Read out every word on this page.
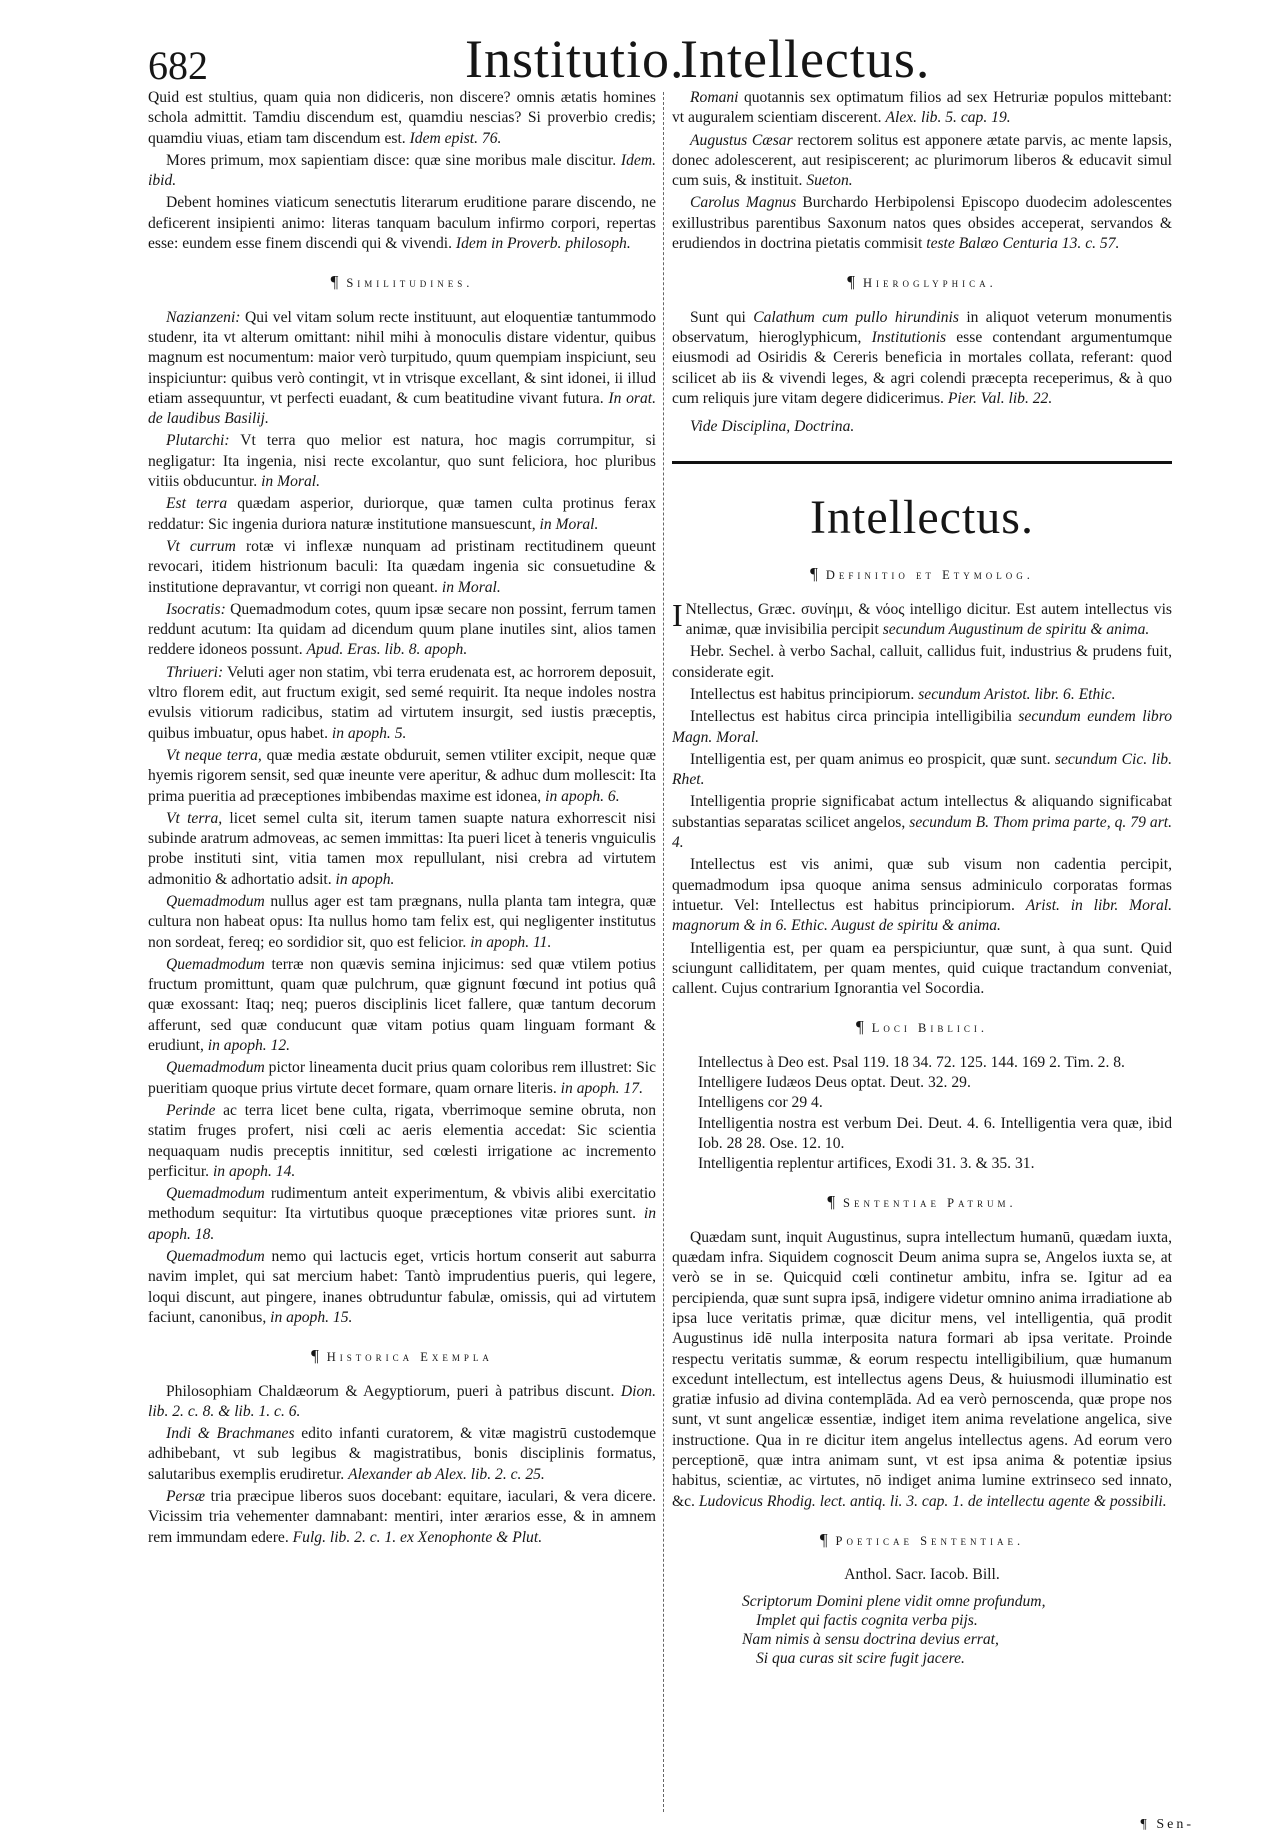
682	Institutio.
Intellectus.

Quid est stultius, quam quia non didiceris, non discere? omnis ætatis homines schola admittit. Tamdiu discendum est, quamdiu nescias? Si proverbio credis; quamdiu viuas, etiam tam discendum est. Idem epist. 76.

Mores primum, mox sapientiam disce: quæ sine moribus male discitur. Idem. ibid.

Debent homines viaticum senectutis literarum eruditione parare discendo, ne deficerent insipienti animo: literas tanquam baculum infirmo corpori, repertas esse: eundem esse finem discendi qui & vivendi. Idem in Proverb. philosoph.

¶ Similitudines.

Nazianzeni: Qui vel vitam solum recte instituunt, aut eloquentiæ tantummodo studenr, ita vt alterum omittant: nihil mihi à monoculis distare videntur, quibus magnum est nocumentum: maior verò turpitudo, quum quempiam inspiciunt, seu inspiciuntur: quibus verò contingit, vt in vtrisque excellant, & sint idonei, ii illud etiam assequuntur, vt perfecti euadant, & cum beatitudine vivant futura. In orat. de laudibus Basilij.

Plutarchi: Vt terra quo melior est natura, hoc magis corrumpitur, si negligatur: Ita ingenia, nisi recte excolantur, quo sunt feliciora, hoc pluribus vitiis obducuntur. in Moral.

Est terra quædam asperior, duriorque, quæ tamen culta protinus ferax reddatur: Sic ingenia duriora naturæ institutione mansuescunt, in Moral.

Vt currum rotæ vi inflexæ nunquam ad pristinam rectitudinem queunt revocari, itidem histrionum baculi: Ita quædam ingenia sic consuetudine & institutione depravantur, vt corrigi non queant. in Moral.

Isocratis: Quemadmodum cotes, quum ipsæ secare non possint, ferrum tamen reddunt acutum: Ita quidam ad dicendum quum plane inutiles sint, alios tamen reddere idoneos possunt. Apud. Eras. lib. 8. apoph.

Thriueri: Veluti ager non statim, vbi terra erudenata est, ac horrorem deposuit, vltro florem edit, aut fructum exigit, sed semé requirit. Ita neque indoles nostra evulsis vitiorum radicibus, statim ad virtutem insurgit, sed iustis præceptis, quibus imbuatur, opus habet. in apoph. 5.

Vt neque terra, quæ media æstate obduruit, semen vtiliter excipit, neque quæ hyemis rigorem sensit, sed quæ ineunte vere aperitur, & adhuc dum mollescit: Ita prima pueritia ad præceptiones imbibendas maxime est idonea, in apoph. 6.

Vt terra, licet semel culta sit, iterum tamen suapte natura exhorrescit nisi subinde aratrum admoveas, ac semen immittas: Ita pueri licet à teneris vnguiculis probe instituti sint, vitia tamen mox repullulant, nisi crebra ad virtutem admonitio & adhortatio adsit. in apoph.

Quemadmodum nullus ager est tam prægnans, nulla planta tam integra, quæ cultura non habeat opus: Ita nullus homo tam felix est, qui negligenter institutus non sordeat, fereq; eo sordidior sit, quo est felicior. in apoph. 11.

Quemadmodum terræ non quævis semina injicimus: sed quæ vtilem potius fructum promittunt, quam quæ pulchrum, quæ gignunt fœcund int potius quâ quæ exossant: Itaq; neq; pueros disciplinis licet fallere, quæ tantum decorum afferunt, sed quæ conducunt quæ vitam potius quam linguam formant & erudiunt, in apoph. 12.

Quemadmodum pictor lineamenta ducit prius quam coloribus rem illustret: Sic pueritiam quoque prius virtute decet formare, quam ornare literis. in apoph. 17.

Perinde ac terra licet bene culta, rigata, vberrimoque semine obruta, non statim fruges profert, nisi cœli ac aeris elementia accedat: Sic scientia nequaquam nudis preceptis innititur, sed cœlesti irrigatione ac incremento perficitur. in apoph. 14.

Quemadmodum rudimentum anteit experimentum, & vbivis alibi exercitatio methodum sequitur: Ita virtutibus quoque præceptiones vitæ priores sunt. in apoph. 18.

Quemadmodum nemo qui lactucis eget, vrticis hortum conserit aut saburra navim implet, qui sat mercium habet: Tantò imprudentius pueris, qui legere, loqui discunt, aut pingere, inanes obtruduntur fabulæ, omissis, qui ad virtutem faciunt, canonibus, in apoph. 15.

¶ Historica Exempla

Philosophiam Chaldæorum & Aegyptiorum, pueri à patribus discunt. Dion. lib. 2. c. 8. & lib. 1. c. 6.

Indi & Brachmanes edito infanti curatorem, & vitæ magistrū custodemque adhibebant, vt sub legibus & magistratibus, bonis disciplinis formatus, salutaribus exemplis erudiretur. Alexander ab Alex. lib. 2. c. 25.

Persæ tria præcipue liberos suos docebant: equitare, iaculari, & vera dicere. Vicissim tria vehementer damnabant: mentiri, inter ærarios esse, & in amnem rem immundam edere. Fulg. lib. 2. c. 1. ex Xenophonte & Plut.

Romani quotannis sex optimatum filios ad sex Hetruriæ populos mittebant: vt auguralem scientiam discerent. Alex. lib. 5. cap. 19.

Augustus Cæsar rectorem solitus est apponere ætate parvis, ac mente lapsis, donec adolescerent, aut resipiscerent; ac plurimorum liberos & educavit simul cum suis, & instituit. Sueton.

Carolus Magnus Burchardo Herbipolensi Episcopo duodecim adolescentes exillustribus parentibus Saxonum natos ques obsides acceperat, servandos & erudiendos in doctrina pietatis commisit teste Balæo Centuria 13. c. 57.

¶ Hieroglyphica.

Sunt qui Calathum cum pullo hirundinis in aliquot veterum monumentis observatum, hieroglyphicum, Institutionis esse contendant argumentumque eiusmodi ad Osiridis & Cereris beneficia in mortales collata, referant: quod scilicet ab iis & vivendi leges, & agri colendi præcepta receperimus, & à quo cum reliquis jure vitam degere didicerimus. Pier. Val. lib. 22.

Vide Disciplina, Doctrina.

Intellectus.
¶ Definitio et Etymolog.

I Ntellectus, Græc. συνίημι, & νόος intelligo dicitur. Est autem intellectus vis animæ, quæ invisibilia percipit secundum Augustinum de spiritu & anima.

Hebr. Sechel. à verbo Sachal, calluit, callidus fuit, industrius & prudens fuit, considerate egit.

Intellectus est habitus principiorum. secundum Aristot. libr. 6. Ethic.

Intellectus est habitus circa principia intelligibilia secundum eundem libro Magn. Moral.

Intelligentia est, per quam animus eo prospicit, quæ sunt. secundum Cic. lib. Rhet.

Intelligentia proprie significabat actum intellectus & aliquando significabat substantias separatas scilicet angelos, secundum B. Thom prima parte, q. 79 art. 4.

Intellectus est vis animi, quæ sub visum non cadentia percipit, quemadmodum ipsa quoque anima sensus adminiculo corporatas formas intuetur. Vel: Intellectus est habitus principiorum. Arist. in libr. Moral. magnorum & in 6. Ethic. August de spiritu & anima.

Intelligentia est, per quam ea perspiciuntur, quæ sunt, à qua sunt. Quid sciungunt calliditatem, per quam mentes, quid cuique tractandum conveniat, callent. Cujus contrarium Ignorantia vel Socordia.

¶ Loci Biblici.

Intellectus à Deo est. Psal 119. 18 34. 72. 125. 144. 169 2. Tim. 2. 8.

Intelligere Iudæos Deus optat. Deut. 32. 29.

Intelligens cor 29 4.

Intelligentia nostra est verbum Dei. Deut. 4. 6. Intelligentia vera quæ, ibid Iob. 28 28. Ose. 12. 10.

Intelligentia replentur artifices, Exodi 31. 3. & 35. 31.

¶ Sententiae Patrum.

Quædam sunt, inquit Augustinus, supra intellectum humanū, quædam iuxta, quædam infra. Siquidem cognoscit Deum anima supra se, Angelos iuxta se, at verò se in se. Quicquid cœli continetur ambitu, infra se. Igitur ad ea percipienda, quæ sunt supra ipsā, indigere videtur omnino anima irradiatione ab ipsa luce veritatis primæ, quæ dicitur mens, vel intelligentia, quā prodit Augustinus idē nulla interposita natura formari ab ipsa veritate. Proinde respectu veritatis summæ, & eorum respectu intelligibilium, quæ humanum excedunt intellectum, est intellectus agens Deus, & huiusmodi illuminatio est gratiæ infusio ad divina contemplāda. Ad ea verò pernoscenda, quæ prope nos sunt, vt sunt angelicæ essentiæ, indiget item anima revelatione angelica, sive instructione. Qua in re dicitur item angelus intellectus agens. Ad eorum vero perceptionē, quæ intra animam sunt, vt est ipsa anima & potentiæ ipsius habitus, scientiæ, ac virtutes, nō indiget anima lumine extrinseco sed innato, &c. Ludovicus Rhodig. lect. antiq. li. 3. cap. 1. de intellectu agente & possibili.

¶ Poeticae Sententiae.

Anthol. Sacr. Iacob. Bill.

Scriptorum Domini plene vidit omne profundum,
Implet qui factis cognita verba pijs.
Nam nimis à sensu doctrina devius errat,
Si qua curas sit scire fugit jacere.
¶ Sen-
